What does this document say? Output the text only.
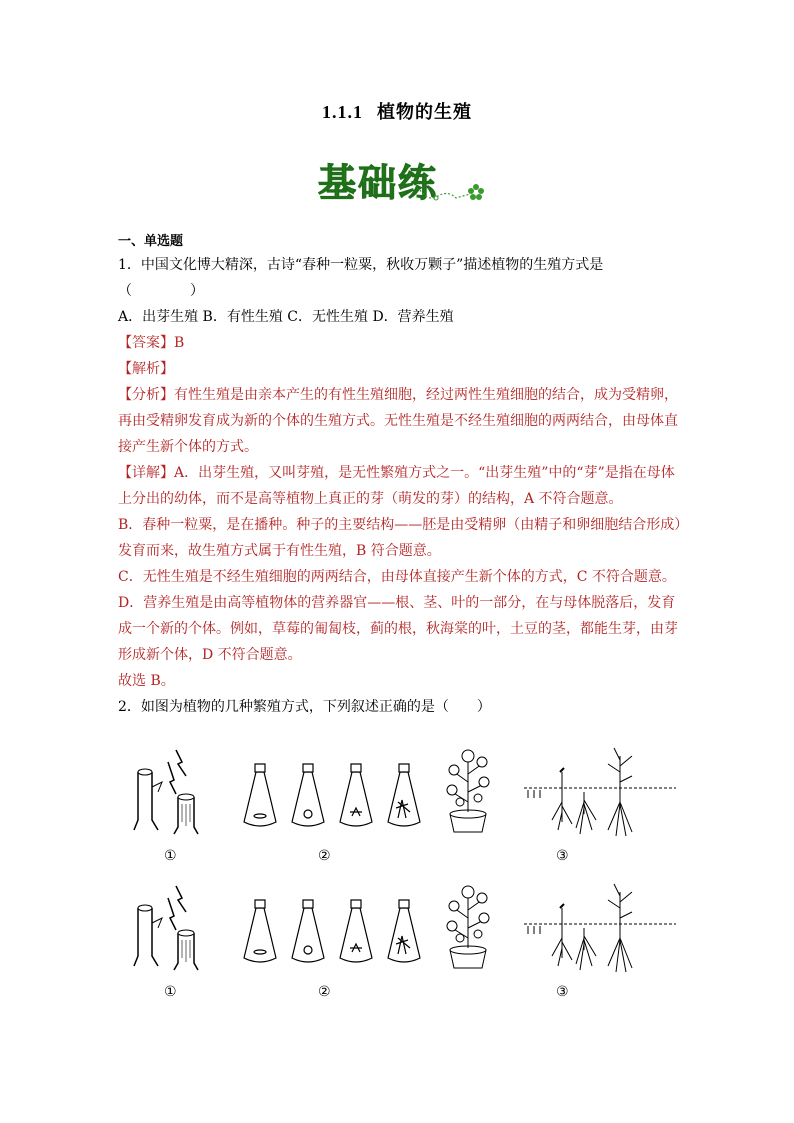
1.1.1 植物的生殖
基础练
一、单选题
1．中国文化博大精深，古诗“春种一粒粟，秋收万颗子”描述植物的生殖方式是
（	）
A．出芽生殖 B．有性生殖 C．无性生殖 D．营养生殖
【答案】B
【解析】
【分析】有性生殖是由亲本产生的有性生殖细胞，经过两性生殖细胞的结合，成为受精卵，
再由受精卵发育成为新的个体的生殖方式。无性生殖是不经生殖细胞的两两结合，由母体直
接产生新个体的方式。
【详解】A．出芽生殖，又叫芽殖，是无性繁殖方式之一。“出芽生殖”中的“芽”是指在母体
上分出的幼体，而不是高等植物上真正的芽（萌发的芽）的结构，A 不符合题意。
B．春种一粒粟，是在播种。种子的主要结构——胚是由受精卵（由精子和卵细胞结合形成）
发育而来，故生殖方式属于有性生殖，B 符合题意。
C．无性生殖是不经生殖细胞的两两结合，由母体直接产生新个体的方式，C 不符合题意。
D．营养生殖是由高等植物体的营养器官——根、茎、叶的一部分，在与母体脱落后，发育
成一个新的个体。例如，草莓的匍匐枝，蓟的根，秋海棠的叶，土豆的茎，都能生芽，由芽
形成新个体，D 不符合题意。
故选 B。
2．如图为植物的几种繁殖方式，下列叙述正确的是（　　）
①	②	③
①	②	③
